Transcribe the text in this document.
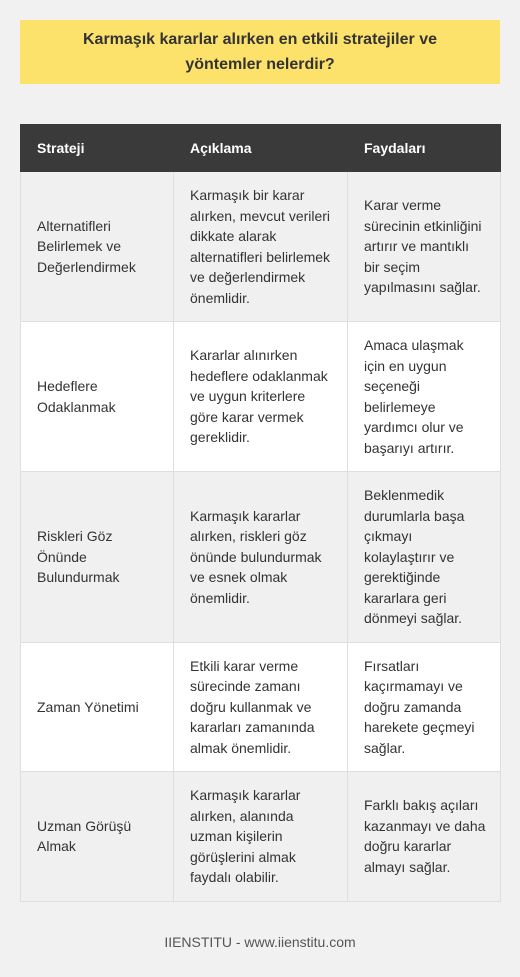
Karmaşık kararlar alırken en etkili stratejiler ve yöntemler nelerdir?
Strateji	Açıklama	Faydaları
Alternatifleri Belirlemek ve Değerlendirmek	Karmaşık bir karar alırken, mevcut verileri dikkate alarak alternatifleri belirlemek ve değerlendirmek önemlidir.	Karar verme sürecinin etkinliğini artırır ve mantıklı bir seçim yapılmasını sağlar.
Hedeflere Odaklanmak	Kararlar alınırken hedeflere odaklanmak ve uygun kriterlere göre karar vermek gereklidir.	Amaca ulaşmak için en uygun seçeneği belirlemeye yardımcı olur ve başarıyı artırır.
Riskleri Göz Önünde Bulundurmak	Karmaşık kararlar alırken, riskleri göz önünde bulundurmak ve esnek olmak önemlidir.	Beklenmedik durumlarla başa çıkmayı kolaylaştırır ve gerektiğinde kararlara geri dönmeyi sağlar.
Zaman Yönetimi	Etkili karar verme sürecinde zamanı doğru kullanmak ve kararları zamanında almak önemlidir.	Fırsatları kaçırmamayı ve doğru zamanda harekete geçmeyi sağlar.
Uzman Görüşü Almak	Karmaşık kararlar alırken, alanında uzman kişilerin görüşlerini almak faydalı olabilir.	Farklı bakış açıları kazanmayı ve daha doğru kararlar almayı sağlar.
IIENSTITU - www.iienstitu.com
